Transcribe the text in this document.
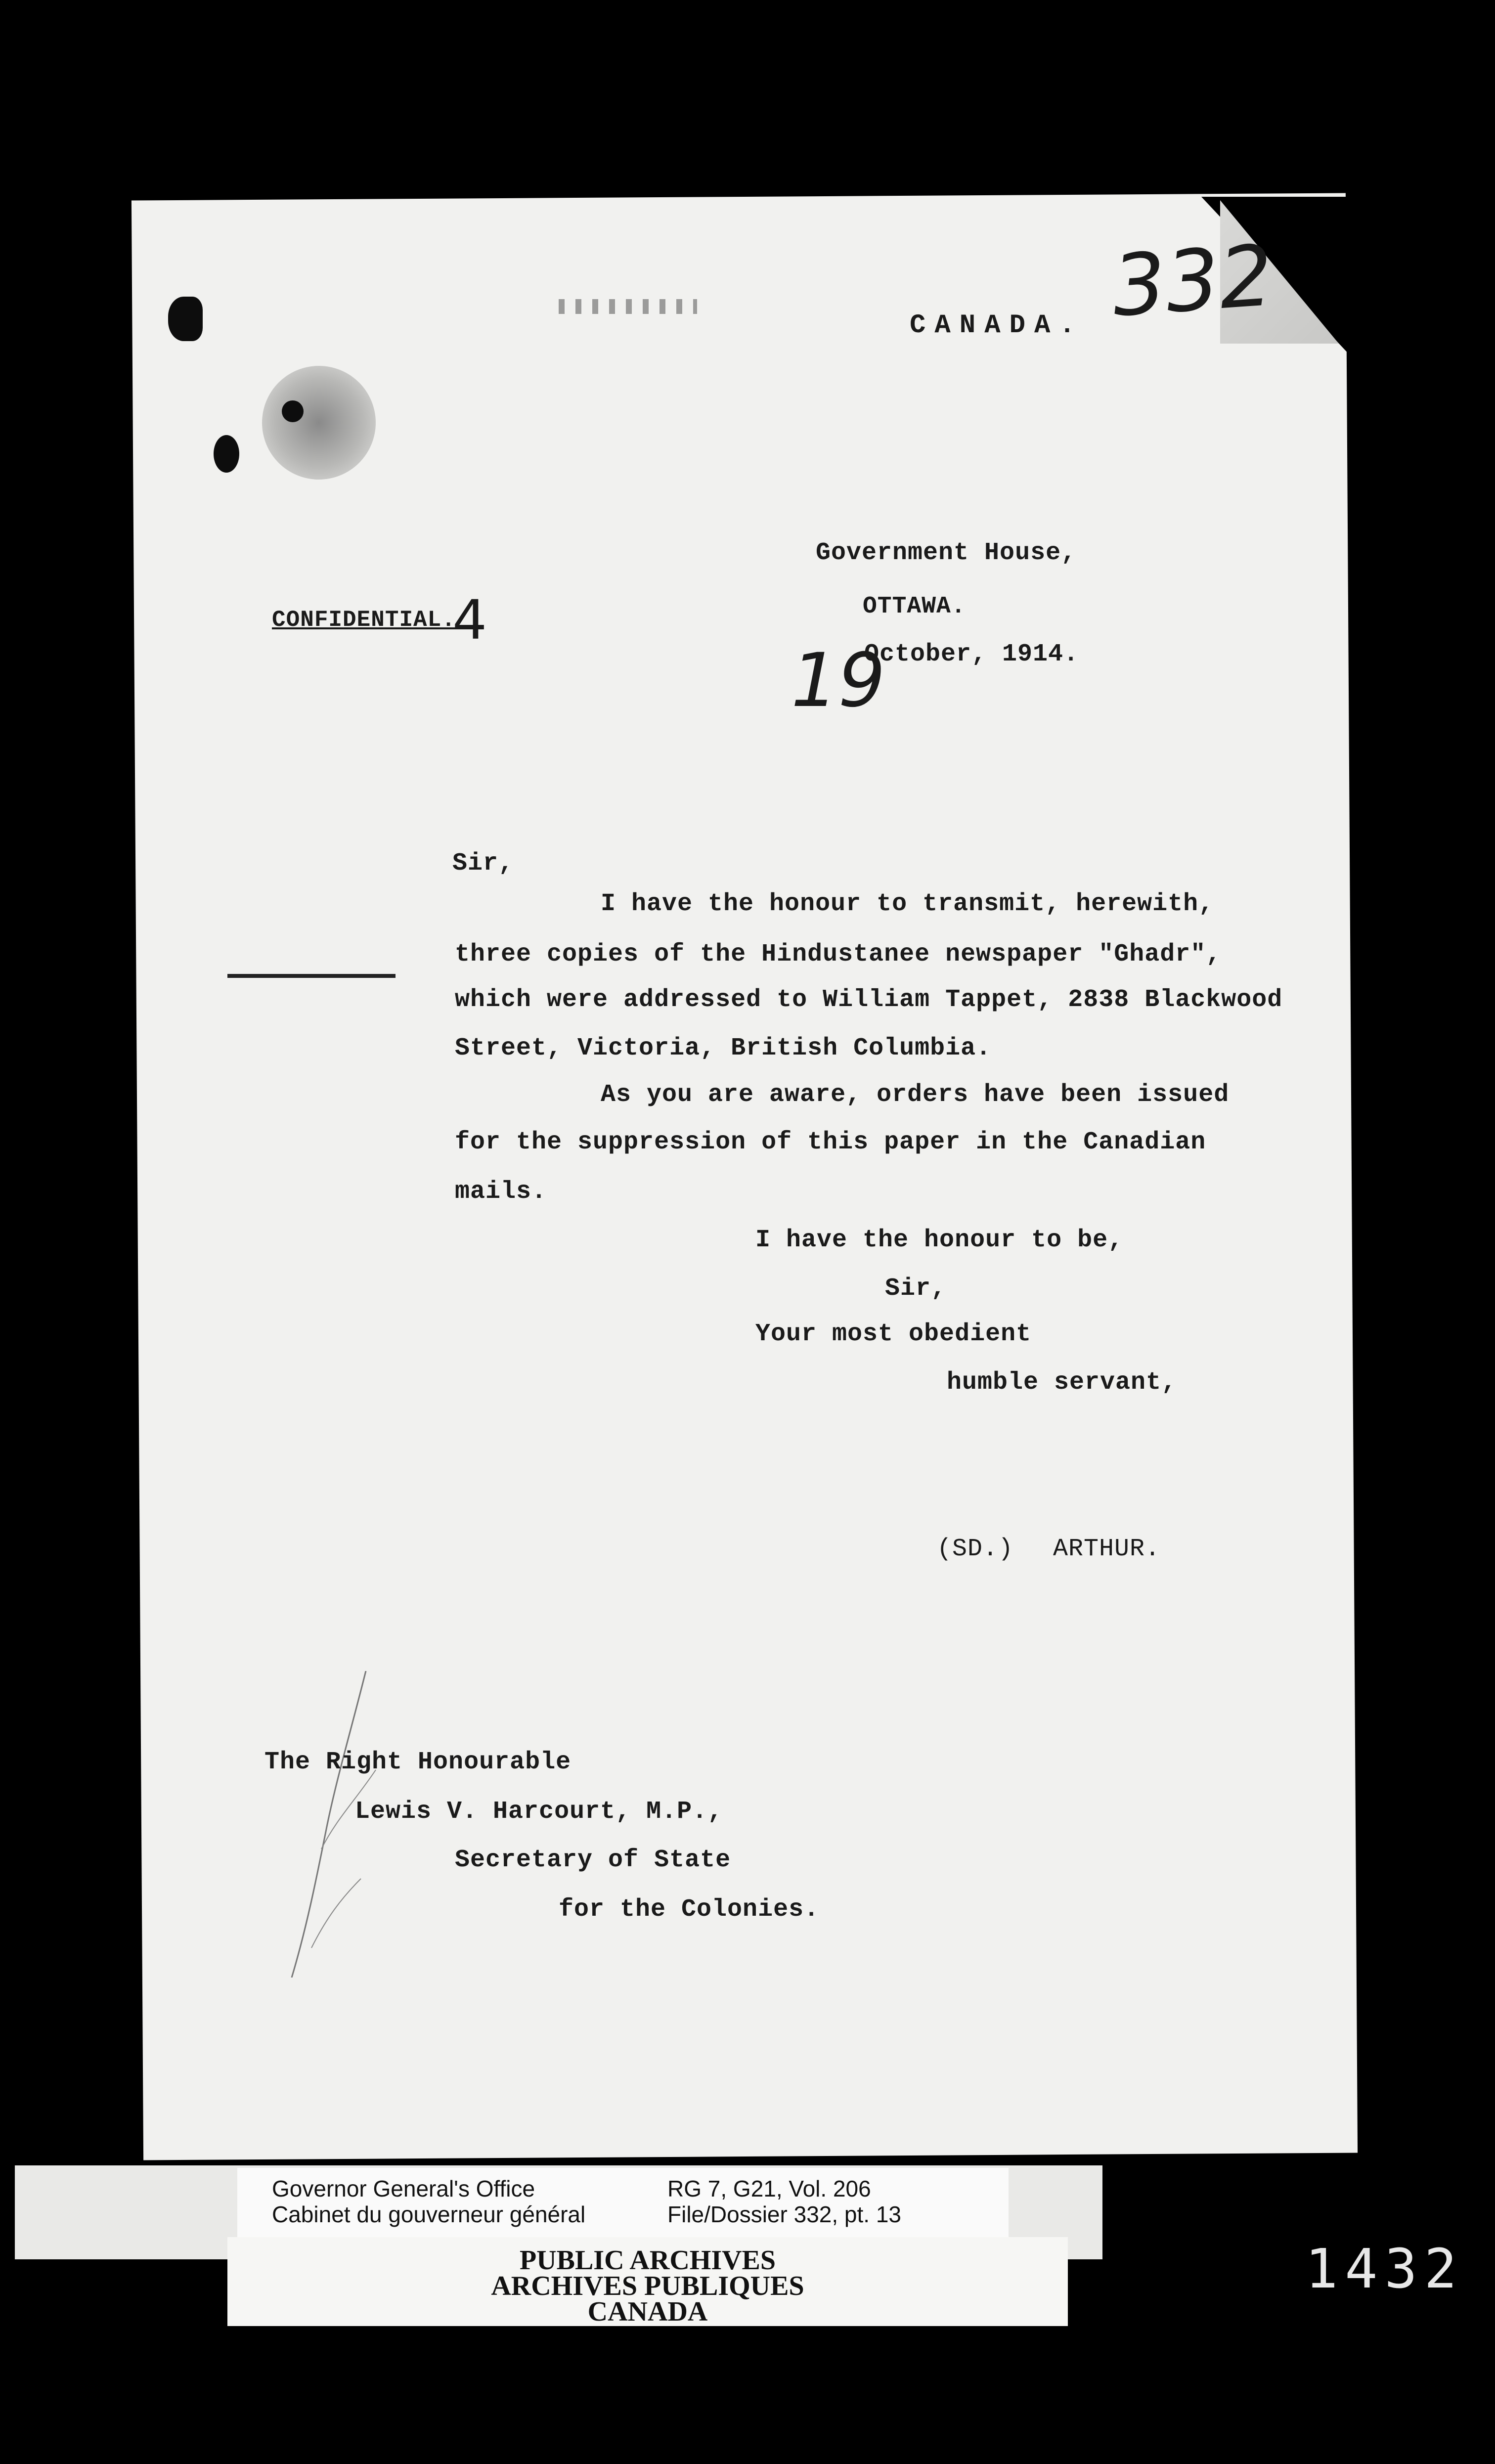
332
CANADA.
Government House,
OTTAWA.
CONFIDENTIAL.
4
19
October, 1914.
Sir,
I have the honour to transmit, herewith,
three copies of the Hindustanee newspaper "Ghadr",
which were addressed to William Tappet, 2838 Blackwood
Street, Victoria, British Columbia.
As you are aware, orders have been issued
for the suppression of this paper in the Canadian
mails.
I have the honour to be,
Sir,
Your most obedient
humble servant,
(SD.) ARTHUR.
The Right Honourable
Lewis V. Harcourt, M.P.,
Secretary of State
for the Colonies.
Governor General's Office
Cabinet du gouverneur général
RG 7, G21, Vol. 206
File/Dossier 332, pt. 13
PUBLIC ARCHIVES
ARCHIVES PUBLIQUES
CANADA
1432
